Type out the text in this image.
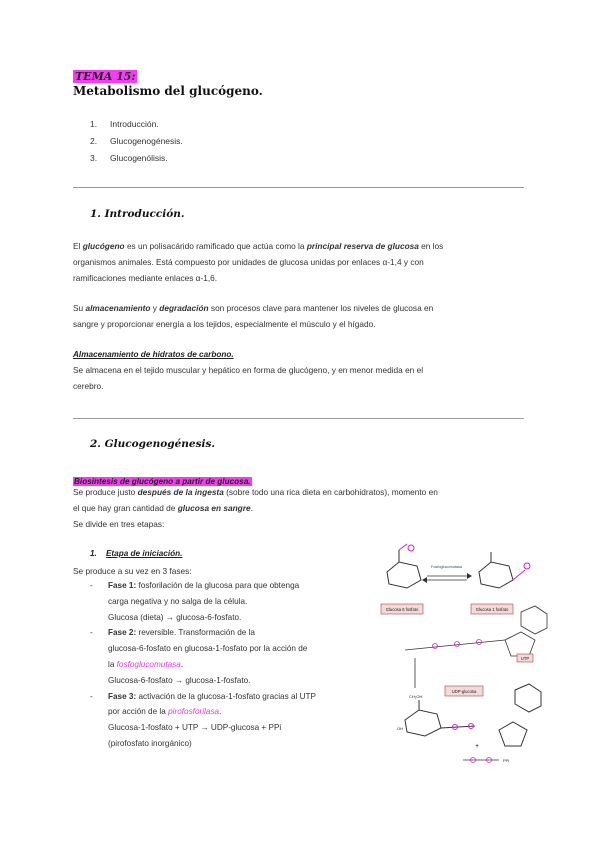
TEMA 15:
Metabolismo del glucógeno.
1. Introducción.
2. Glucogenogénesis.
3. Glucogenólisis.
1. Introducción.
El glucógeno es un polisacárido ramificado que actúa como la principal reserva de glucosa en los
organismos animales. Está compuesto por unidades de glucosa unidas por enlaces α-1,4 y con
ramificaciones mediante enlaces α-1,6.
Su almacenamiento y degradación son procesos clave para mantener los niveles de glucosa en
sangre y proporcionar energía a los tejidos, especialmente el músculo y el hígado.
Almacenamiento de hidratos de carbono.
Se almacena en el tejido muscular y hepático en forma de glucógeno, y en menor medida en el
cerebro.
2. Glucogenogénesis.
Biosíntesis de glucógeno a partir de glucosa.
Se produce justo después de la ingesta (sobre todo una rica dieta en carbohidratos), momento en
el que hay gran cantidad de glucosa en sangre.
Se divide en tres etapas:
1. Etapa de iniciación.
Se produce a su vez en 3 fases:
- Fase 1: fosforilación de la glucosa para que obtenga
carga negativa y no salga de la célula.
Glucosa (dieta) → glucosa-6-fosfato.
- Fase 2: reversible. Transformación de la
glucosa-6-fosfato en glucosa-1-fosfato por la acción de
la fosfoglucomutasa.
Glucosa-6-fosfato → glucosa-1-fosfato.
- Fase 3: activación de la glucosa-1-fosfato gracias al UTP
por acción de la pirofosforilasa.
Glucosa-1-fosfato + UTP → UDP-glucosa + PPi
(pirofosfato inorgánico)
Fosfoglucomutasa
Glucosa 6 fosfato	Glucosa 1 fosfato
UTP
UDP-glucosa
CH₂OH
OH
+
PPi
